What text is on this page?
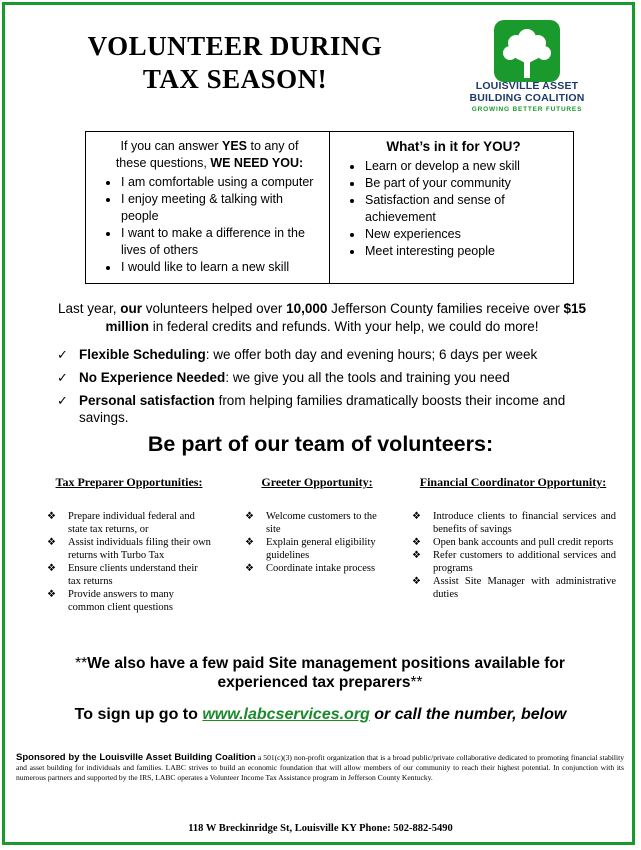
VOLUNTEER DURING
TAX SEASON!	LOUISVILLE ASSET
BUILDING COALITION
GROWING BETTER FUTURES
If you can answer YES to any of these questions, WE NEED YOU:
I am comfortable using a computer
I enjoy meeting & talking with people
I want to make a difference in the lives of others
I would like to learn a new skill
What’s in it for YOU?
Learn or develop a new skill
Be part of your community
Satisfaction and sense of achievement
New experiences
Meet interesting people

Last year, our volunteers helped over 10,000 Jefferson County families receive over $15 million in federal credits and refunds. With your help, we could do more!

✓ Flexible Scheduling: we offer both day and evening hours; 6 days per week
✓ No Experience Needed: we give you all the tools and training you need
✓ Personal satisfaction from helping families dramatically boosts their income and savings.
Be part of our team of volunteers:
Tax Preparer Opportunities:
❖ Prepare individual federal and state tax returns, or
❖ Assist individuals filing their own returns with Turbo Tax
❖ Ensure clients understand their tax returns
❖ Provide answers to many common client questions
Greeter Opportunity:
❖ Welcome customers to the site
❖ Explain general eligibility guidelines
❖ Coordinate intake process
Financial Coordinator Opportunity:
❖ Introduce clients to financial services and benefits of savings
❖ Open bank accounts and pull credit reports
❖ Refer customers to additional services and programs
❖ Assist Site Manager with administrative duties

**We also have a few paid Site management positions available for experienced tax preparers**

To sign up go to www.labcservices.org or call the number, below

Sponsored by the Louisville Asset Building Coalition a 501(c)(3) non-profit organization that is a broad public/private collaborative dedicated to promoting financial stability and asset building for individuals and families. LABC strives to build an economic foundation that will allow members of our community to reach their highest potential. In conjunction with its numerous partners and supported by the IRS, LABC operates a Volunteer Income Tax Assistance program in Jefferson County Kentucky.

118 W Breckinridge St, Louisville KY Phone: 502-882-5490
